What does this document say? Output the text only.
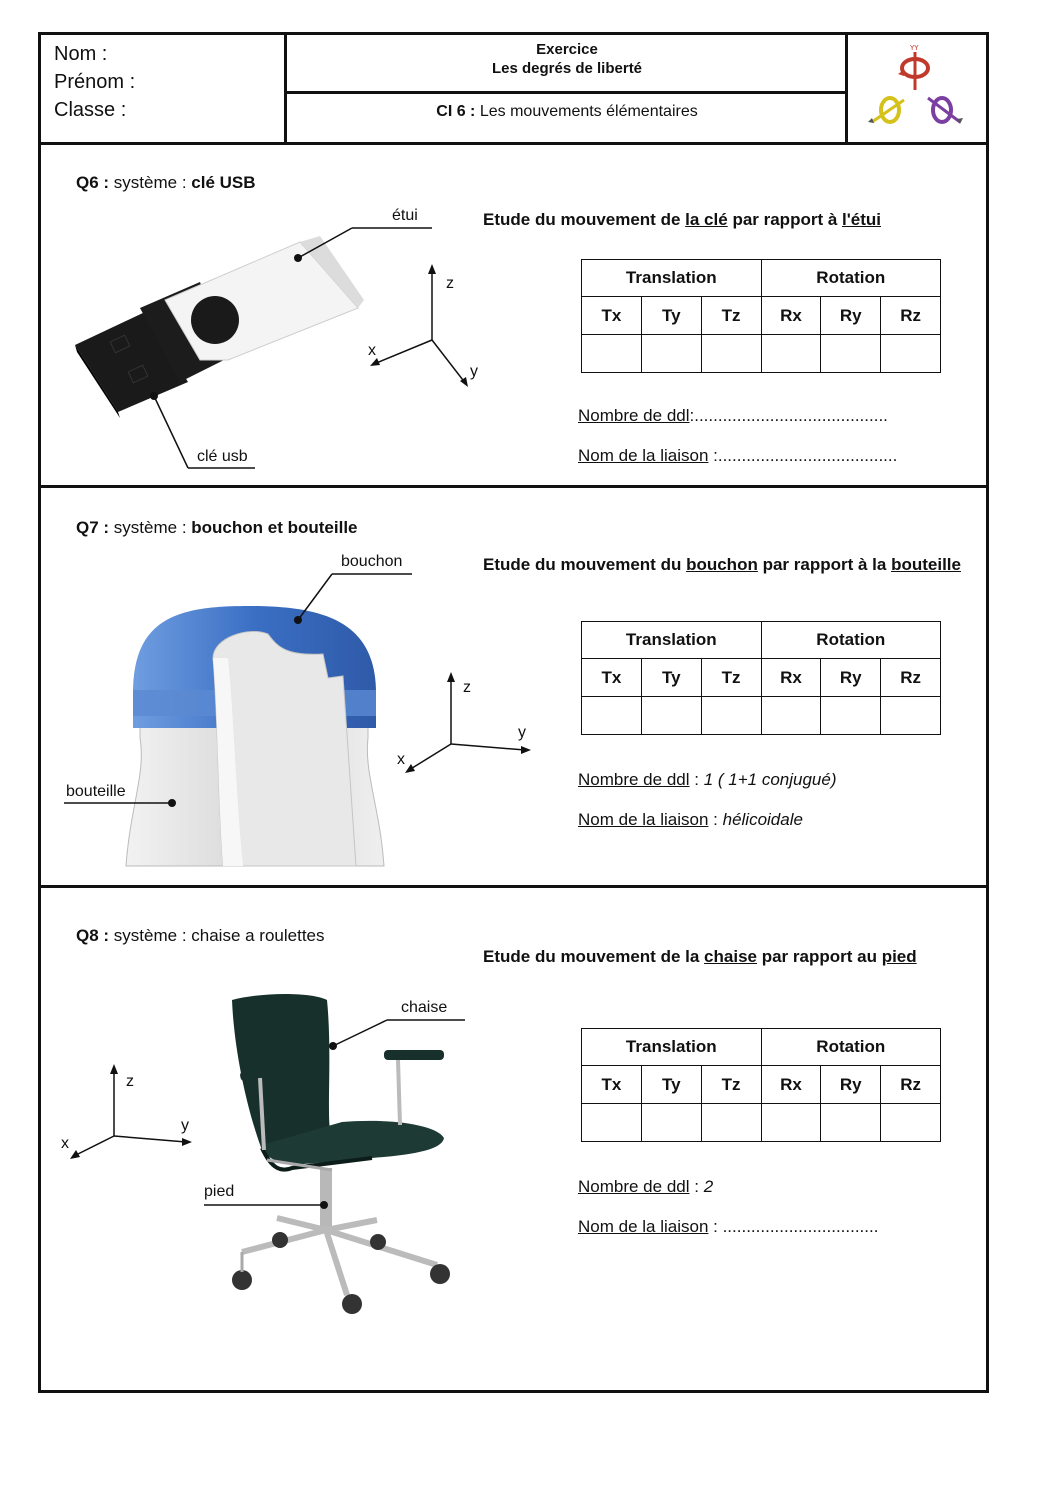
Nom :
Prénom :
Classe :
Exercice
Les degrés de liberté
CI 6 : Les mouvements élémentaires
YY
Q6 : système : clé USB
étui
clé usb
z
x
y
Etude du mouvement de la clé par rapport à l'étui
Translation			Rotation		
Tx	Ty	Tz	Rx	Ry	Rz

Nombre de ddl:.........................................
Nom de la liaison :......................................
Q7 : système : bouchon et bouteille
bouchon
bouteille
z
y
x
Etude du mouvement du bouchon par rapport à la bouteille
Translation			Rotation		
Tx	Ty	Tz	Rx	Ry	Rz

Nombre de ddl : 1 ( 1+1 conjugué)
Nom de la liaison : hélicoidale
Q8 : système : chaise a roulettes
chaise
pied
z
y
x
Etude du mouvement de la chaise par rapport au pied
Translation			Rotation		
Tx	Ty	Tz	Rx	Ry	Rz

Nombre de ddl : 2
Nom de la liaison : .................................
